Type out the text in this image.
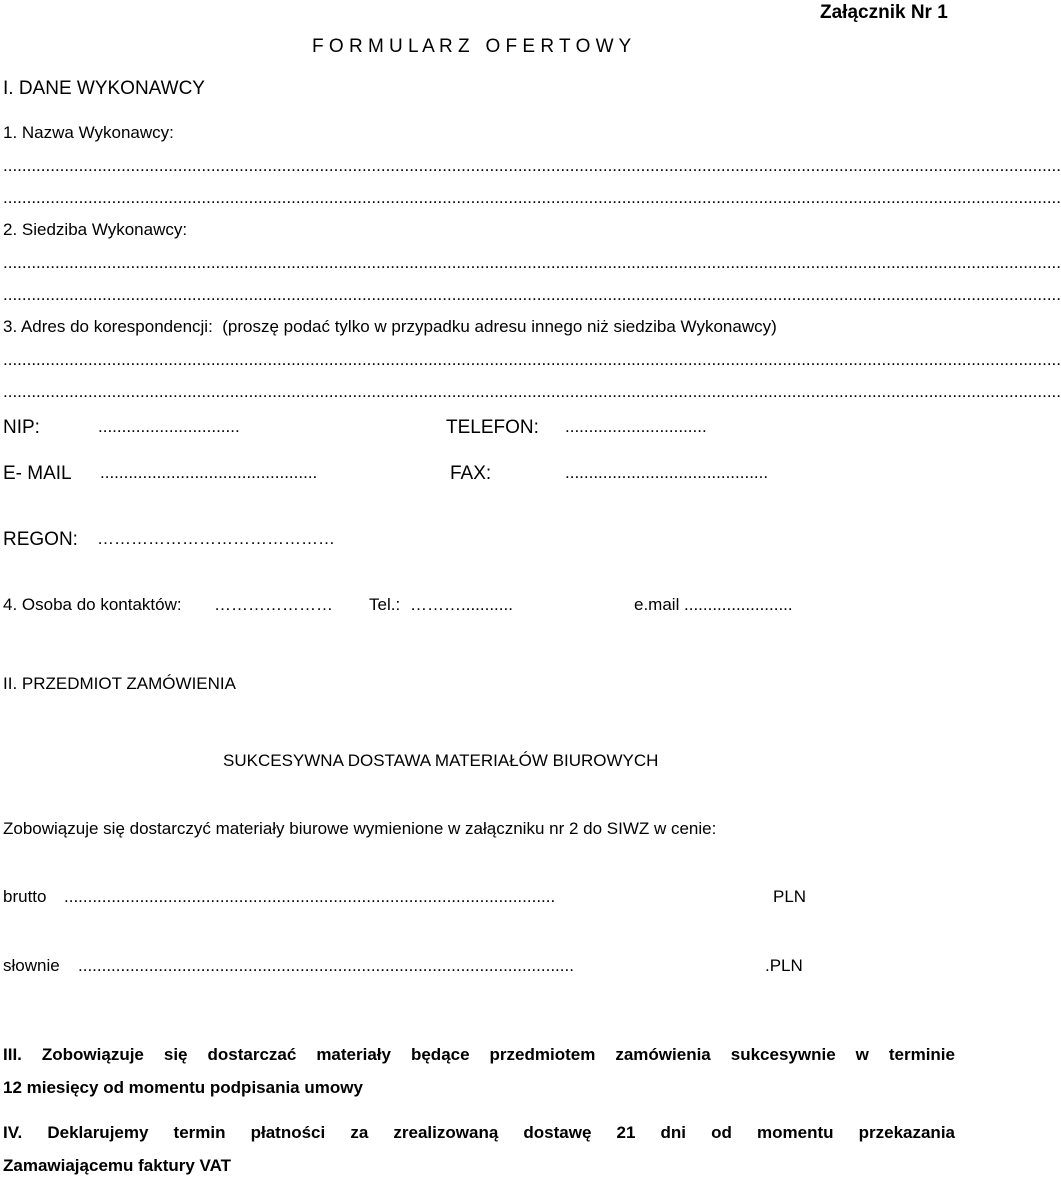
Załącznik Nr 1
F O R M U L A R Z   O F E R T O W Y
I. DANE WYKONAWCY
1. Nazwa Wykonawcy:
................................................................................................................................................................................................................................
................................................................................................................................................................................................................................
2. Siedziba Wykonawcy:
................................................................................................................................................................................................................................
................................................................................................................................................................................................................................
3. Adres do korespondencji:  (proszę podać tylko w przypadku adresu innego niż siedziba Wykonawcy)
................................................................................................................................................................................................................................
................................................................................................................................................................................................................................
NIP:	..............................	TELEFON: ..............................
E- MAIL ..............................................	FAX:	...........................................
REGON: ……………………………………
4. Osoba do kontaktów: ………………… Tel.: ………...........	e.mail .......................
II. PRZEDMIOT ZAMÓWIENIA
SUKCESYWNA DOSTAWA MATERIAŁÓW BIUROWYCH
Zobowiązuje się dostarczyć materiały biurowe wymienione w załączniku nr 2 do SIWZ w cenie:
brutto ........................................................................................................	PLN
słownie .........................................................................................................	.PLN
III. Zobowiązuje się dostarczać materiały będące przedmiotem zamówienia sukcesywnie w terminie
12 miesięcy od momentu podpisania umowy
IV. Deklarujemy termin płatności za zrealizowaną dostawę 21 dni od momentu przekazania
Zamawiającemu faktury VAT
